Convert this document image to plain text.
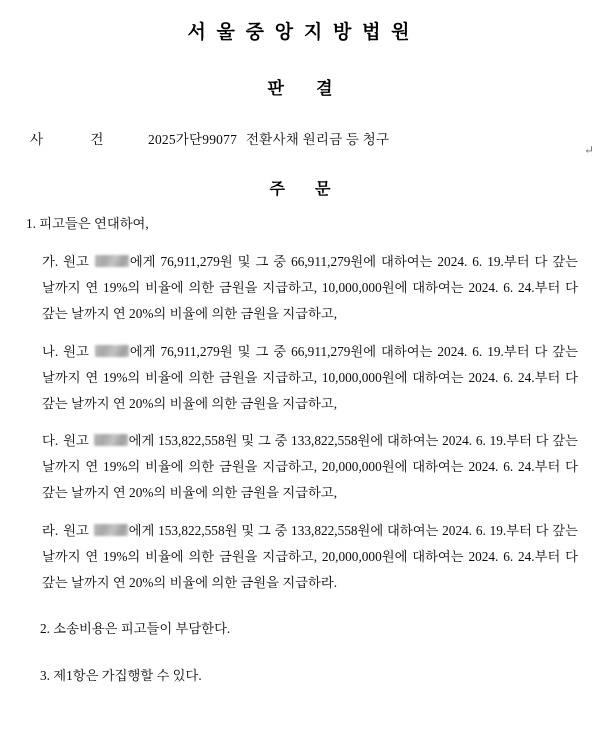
서 울 중 앙 지 방 법 원
판 결
↵
사 건	2025가단99077 전환사채 원리금 등 청구
주 문
1. 피고들은 연대하여,
가. 원고	에게 76,911,279원 및 그 중 66,911,279원에 대하여는 2024. 6. 19.부터 다 갚는 날까지 연 19%의 비율에 의한 금원을 지급하고, 10,000,000원에 대하여는 2024. 6. 24.부터 다 갚는 날까지 연 20%의 비율에 의한 금원을 지급하고,
나. 원고	에게 76,911,279원 및 그 중 66,911,279원에 대하여는 2024. 6. 19.부터 다 갚는 날까지 연 19%의 비율에 의한 금원을 지급하고, 10,000,000원에 대하여는 2024. 6. 24.부터 다 갚는 날까지 연 20%의 비율에 의한 금원을 지급하고,
다. 원고	에게 153,822,558원 및 그 중 133,822,558원에 대하여는 2024. 6. 19.부터 다 갚는 날까지 연 19%의 비율에 의한 금원을 지급하고, 20,000,000원에 대하여는 2024. 6. 24.부터 다 갚는 날까지 연 20%의 비율에 의한 금원을 지급하고,
라. 원고	에게 153,822,558원 및 그 중 133,822,558원에 대하여는 2024. 6. 19.부터 다 갚는 날까지 연 19%의 비율에 의한 금원을 지급하고, 20,000,000원에 대하여는 2024. 6. 24.부터 다 갚는 날까지 연 20%의 비율에 의한 금원을 지급하라.
2. 소송비용은 피고들이 부담한다.
3. 제1항은 가집행할 수 있다.
